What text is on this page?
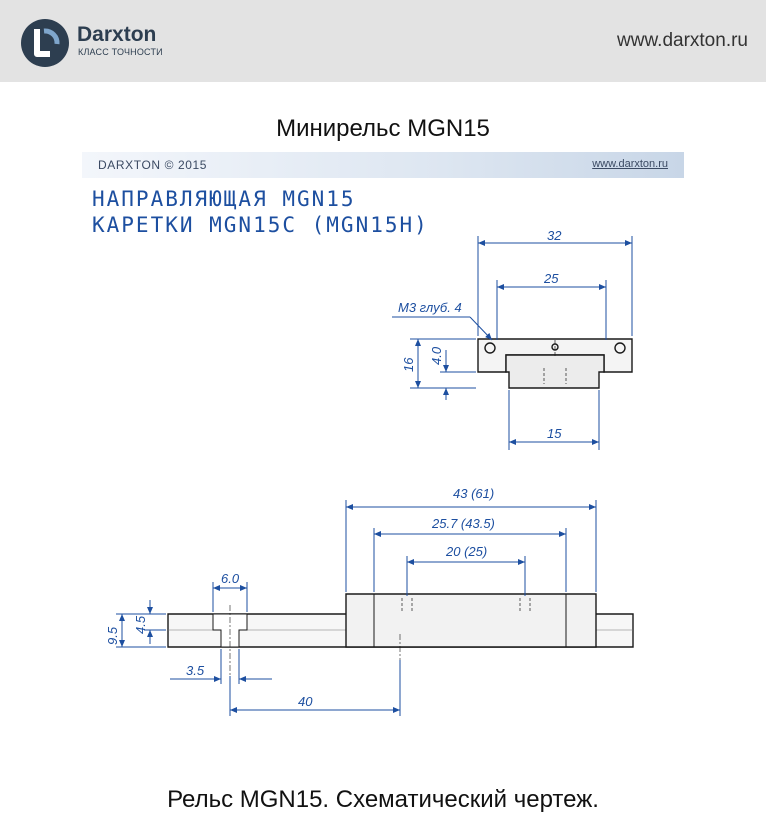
Darxton
КЛАСС ТОЧНОСТИ
www.darxton.ru
Минирельс MGN15
DARXTON © 2015	www.darxton.ru
НАПРАВЛЯЮЩАЯ MGN15
КАРЕТКИ MGN15C (MGN15H)	32
25
M3 глуб. 4
16 4.0
15
43 (61)
25.7 (43.5)
20 (25)
6.0
9.5
4.5
3.5
40
Рельс MGN15. Схематический чертеж.
